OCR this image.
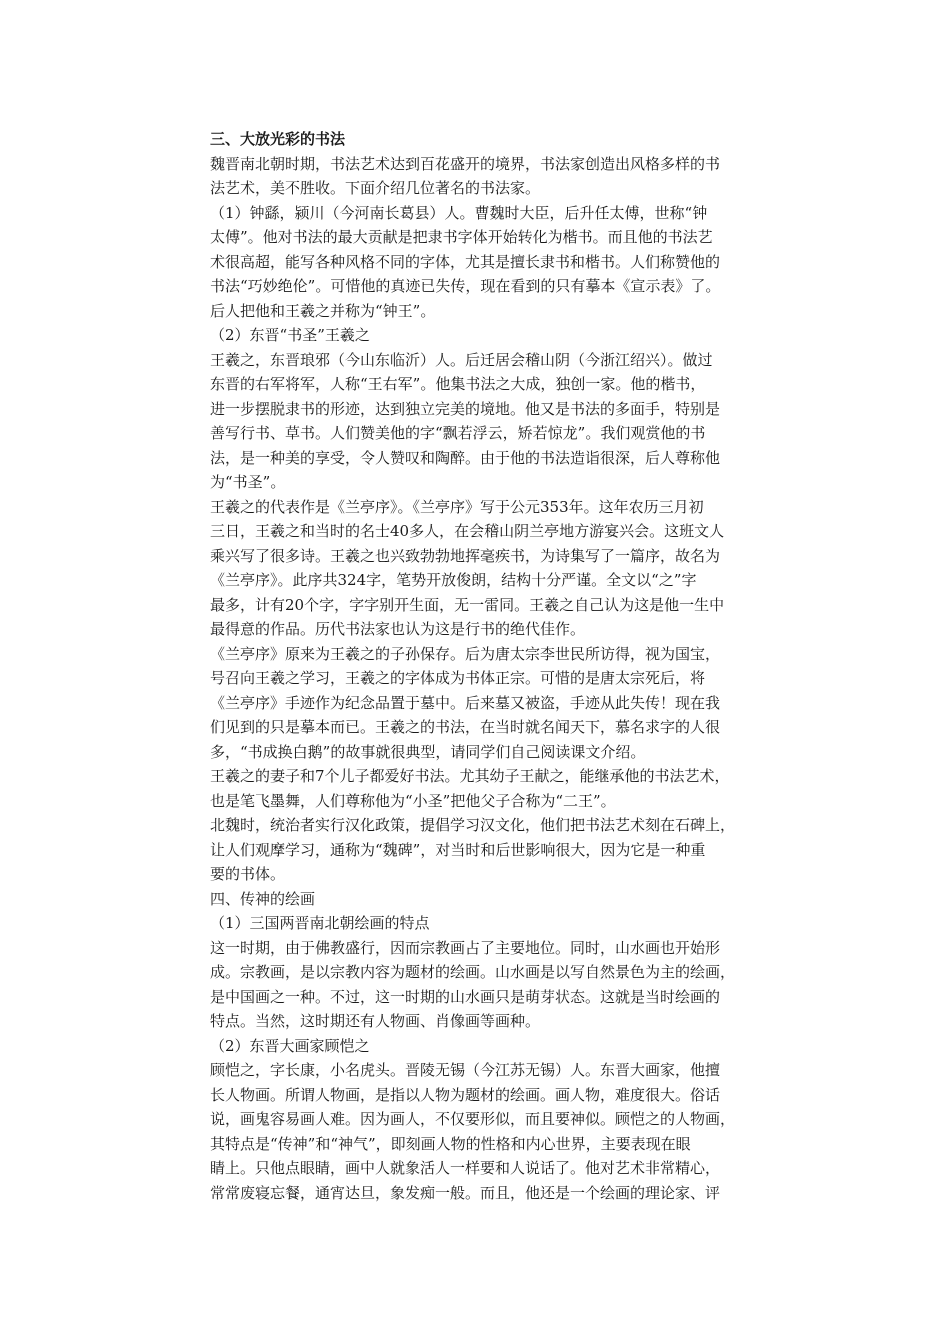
三、大放光彩的书法
魏晋南北朝时期，书法艺术达到百花盛开的境界，书法家创造出风格多样的书
法艺术，美不胜收。下面介绍几位著名的书法家。
（1）钟繇，颍川（今河南长葛县）人。曹魏时大臣，后升任太傅，世称“钟
太傅”。他对书法的最大贡献是把隶书字体开始转化为楷书。而且他的书法艺
术很高超，能写各种风格不同的字体，尤其是擅长隶书和楷书。人们称赞他的
书法“巧妙绝伦”。可惜他的真迹已失传，现在看到的只有摹本《宣示表》了。
后人把他和王羲之并称为“钟王”。
（2）东晋“书圣”王羲之
王羲之，东晋琅邪（今山东临沂）人。后迁居会稽山阴（今浙江绍兴）。做过
东晋的右军将军，人称“王右军”。他集书法之大成，独创一家。他的楷书，
进一步摆脱隶书的形迹，达到独立完美的境地。他又是书法的多面手，特别是
善写行书、草书。人们赞美他的字“飘若浮云，矫若惊龙”。我们观赏他的书
法，是一种美的享受，令人赞叹和陶醉。由于他的书法造诣很深，后人尊称他
为“书圣”。
王羲之的代表作是《兰亭序》。《兰亭序》写于公元353年。这年农历三月初
三日，王羲之和当时的名士40多人，在会稽山阴兰亭地方游宴兴会。这班文人
乘兴写了很多诗。王羲之也兴致勃勃地挥毫疾书，为诗集写了一篇序，故名为
《兰亭序》。此序共324字，笔势开放俊朗，结构十分严谨。全文以“之”字
最多，计有20个字，字字别开生面，无一雷同。王羲之自己认为这是他一生中
最得意的作品。历代书法家也认为这是行书的绝代佳作。
《兰亭序》原来为王羲之的子孙保存。后为唐太宗李世民所访得，视为国宝，
号召向王羲之学习，王羲之的字体成为书体正宗。可惜的是唐太宗死后，将
《兰亭序》手迹作为纪念品置于墓中。后来墓又被盗，手迹从此失传！现在我
们见到的只是摹本而已。王羲之的书法，在当时就名闻天下，慕名求字的人很
多，“书成换白鹅”的故事就很典型，请同学们自己阅读课文介绍。
王羲之的妻子和7个儿子都爱好书法。尤其幼子王献之，能继承他的书法艺术，
也是笔飞墨舞，人们尊称他为“小圣”把他父子合称为“二王”。
北魏时，统治者实行汉化政策，提倡学习汉文化，他们把书法艺术刻在石碑上，
让人们观摩学习，通称为“魏碑”，对当时和后世影响很大，因为它是一种重
要的书体。
四、传神的绘画
（1）三国两晋南北朝绘画的特点
这一时期，由于佛教盛行，因而宗教画占了主要地位。同时，山水画也开始形
成。宗教画，是以宗教内容为题材的绘画。山水画是以写自然景色为主的绘画，
是中国画之一种。不过，这一时期的山水画只是萌芽状态。这就是当时绘画的
特点。当然，这时期还有人物画、肖像画等画种。
（2）东晋大画家顾恺之
顾恺之，字长康，小名虎头。晋陵无锡（今江苏无锡）人。东晋大画家，他擅
长人物画。所谓人物画，是指以人物为题材的绘画。画人物，难度很大。俗话
说，画鬼容易画人难。因为画人，不仅要形似，而且要神似。顾恺之的人物画，
其特点是“传神”和“神气”，即刻画人物的性格和内心世界，主要表现在眼
睛上。只他点眼睛，画中人就象活人一样要和人说话了。他对艺术非常精心，
常常废寝忘餐，通宵达旦，象发痴一般。而且，他还是一个绘画的理论家、评
